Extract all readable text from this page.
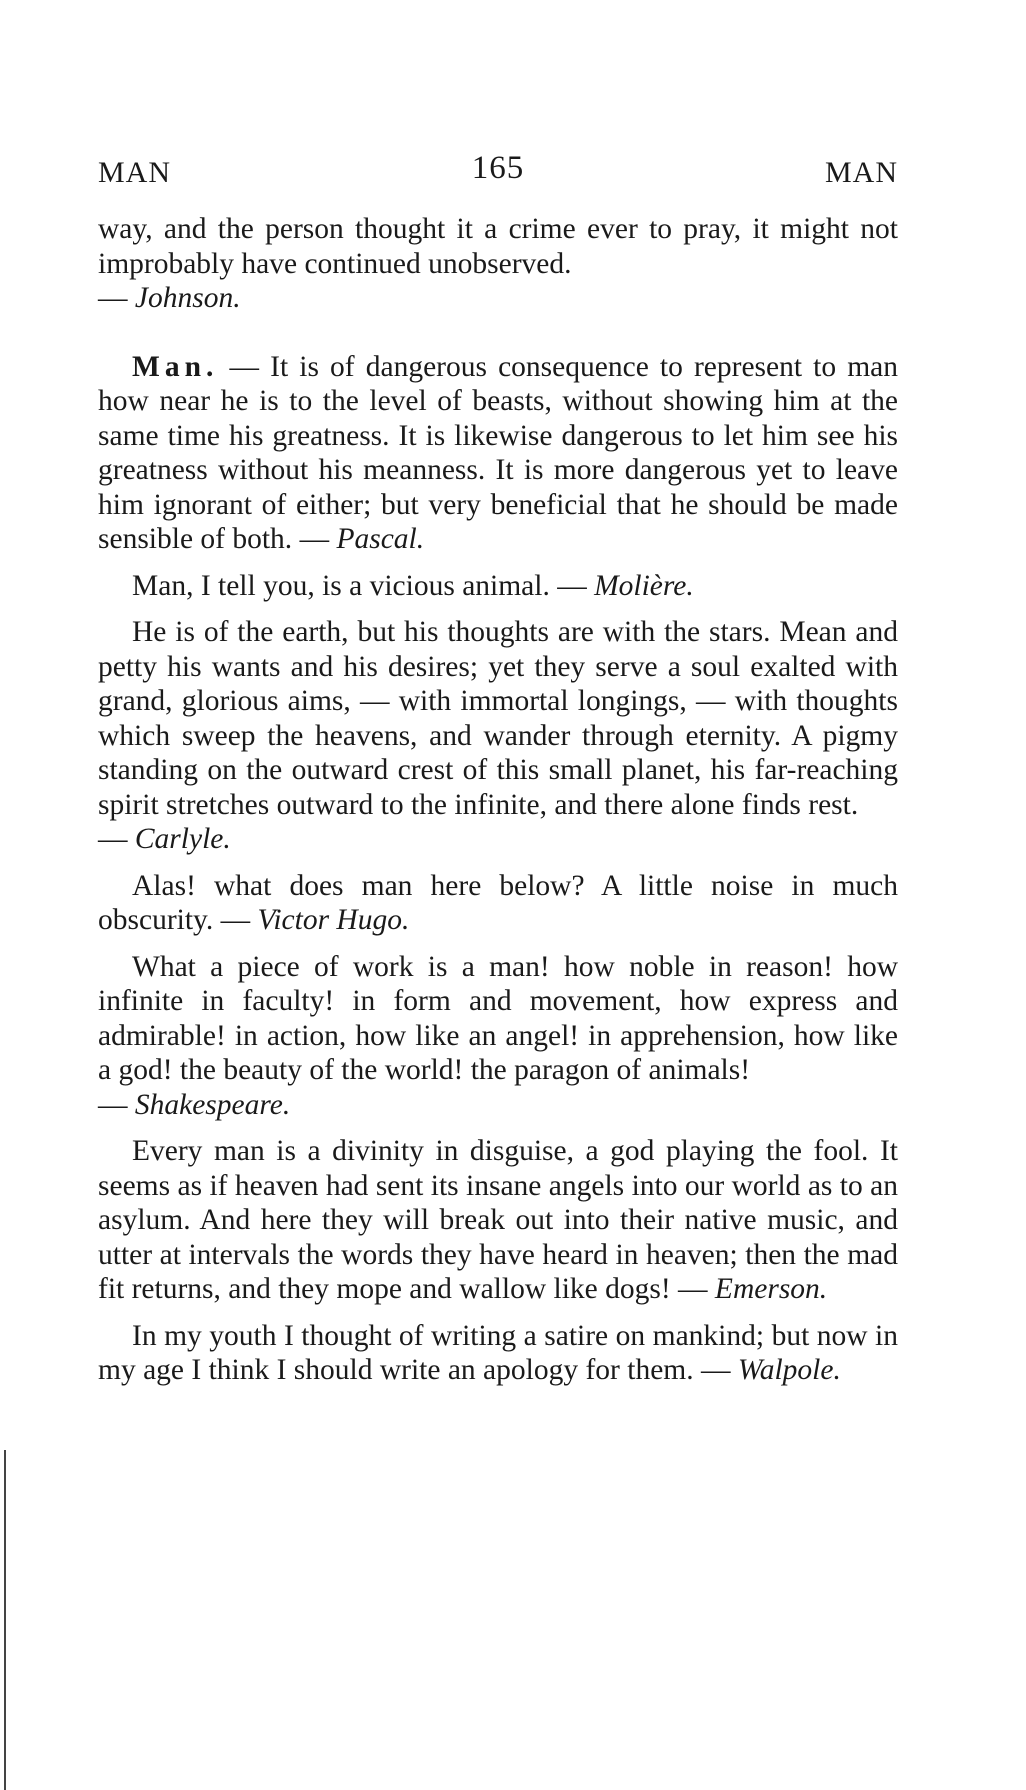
MAN	165	MAN

way, and the person thought it a crime ever to pray, it might not improbably have continued unobserved.
— Johnson.

Man. — It is of dangerous consequence to represent to man how near he is to the level of beasts, without showing him at the same time his greatness. It is likewise dangerous to let him see his greatness without his meanness. It is more dangerous yet to leave him ignorant of either; but very beneficial that he should be made sensible of both. — Pascal.

Man, I tell you, is a vicious animal. — Molière.

He is of the earth, but his thoughts are with the stars. Mean and petty his wants and his desires; yet they serve a soul exalted with grand, glorious aims, — with immortal longings, — with thoughts which sweep the heavens, and wander through eternity. A pigmy standing on the outward crest of this small planet, his far-reaching spirit stretches outward to the infinite, and there alone finds rest.
— Carlyle.

Alas! what does man here below? A little noise in much obscurity. — Victor Hugo.

What a piece of work is a man! how noble in reason! how infinite in faculty! in form and movement, how express and admirable! in action, how like an angel! in apprehension, how like a god! the beauty of the world! the paragon of animals!
— Shakespeare.

Every man is a divinity in disguise, a god playing the fool. It seems as if heaven had sent its insane angels into our world as to an asylum. And here they will break out into their native music, and utter at intervals the words they have heard in heaven; then the mad fit returns, and they mope and wallow like dogs! — Emerson.

In my youth I thought of writing a satire on mankind; but now in my age I think I should write an apology for them. — Walpole.
